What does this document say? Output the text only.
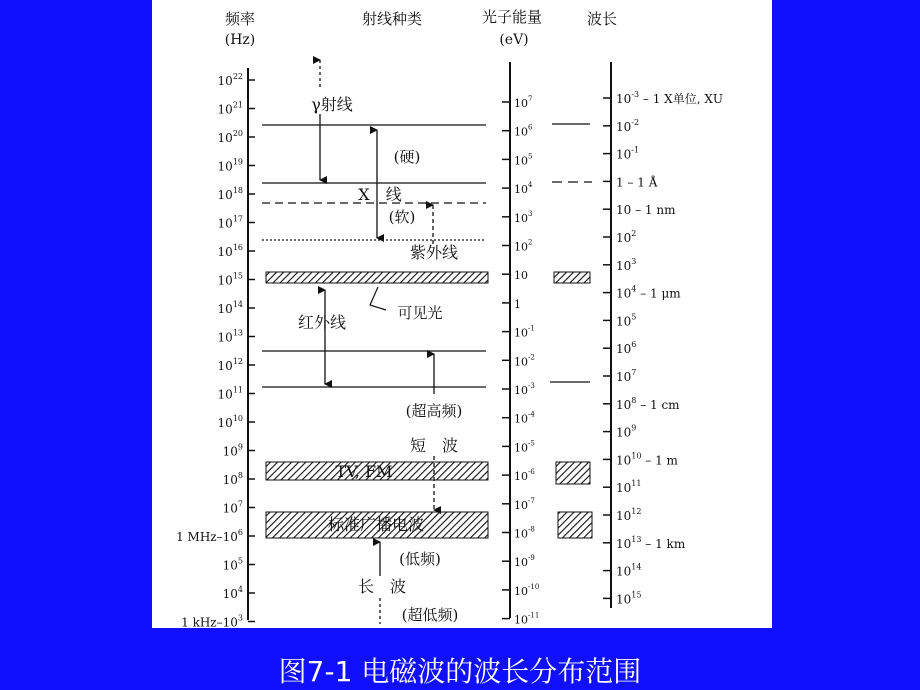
频率
(Hz)
射线种类	光子能量
(eV)
波长
$10^{22}$
$10^{21}$
$10^{20}$
$10^{19}$
$10^{18}$
$10^{17}$
$10^{16}$
$10^{15}$
$10^{14}$
$10^{13}$
$10^{12}$
$10^{11}$
$10^{10}$
$10^9$
$10^8$
$10^7$
1 MHz–$10^6$
$10^5$
$10^4$
1 kHz–$10^3$
$10^7$
$10^6$
$10^5$
$10^4$
$10^3$
$10^2$
10
1
$10^{-1}$
$10^{-2}$
$10^{-3}$
$10^{-4}$
$10^{-5}$
$10^{-6}$
$10^{-7}$
$10^{-8}$
$10^{-9}$
$10^{-10}$
$10^{-11}$
$10^{-3} - 1$ X单位, XU
$10^{-2}$
$10^{-1}$
1 – 1 Å
10 – 1 nm
$10^2$
$10^3$
$10^4 - 1$ μm
$10^5$
$10^6$
$10^7$
$10^8 - 1$ cm
$10^9$
$10^{10} - 1$ m
$10^{11}$
$10^{12}$
$10^{13} - 1$ km
$10^{14}$
$10^{15}$
γ射线
(硬)
X　线
(软)
紫外线
可见光
红外线
(超高频)
短　波
TV, FM
标准广播电波
(低频)
长　波
(超低频)
图7-1 电磁波的波长分布范围
